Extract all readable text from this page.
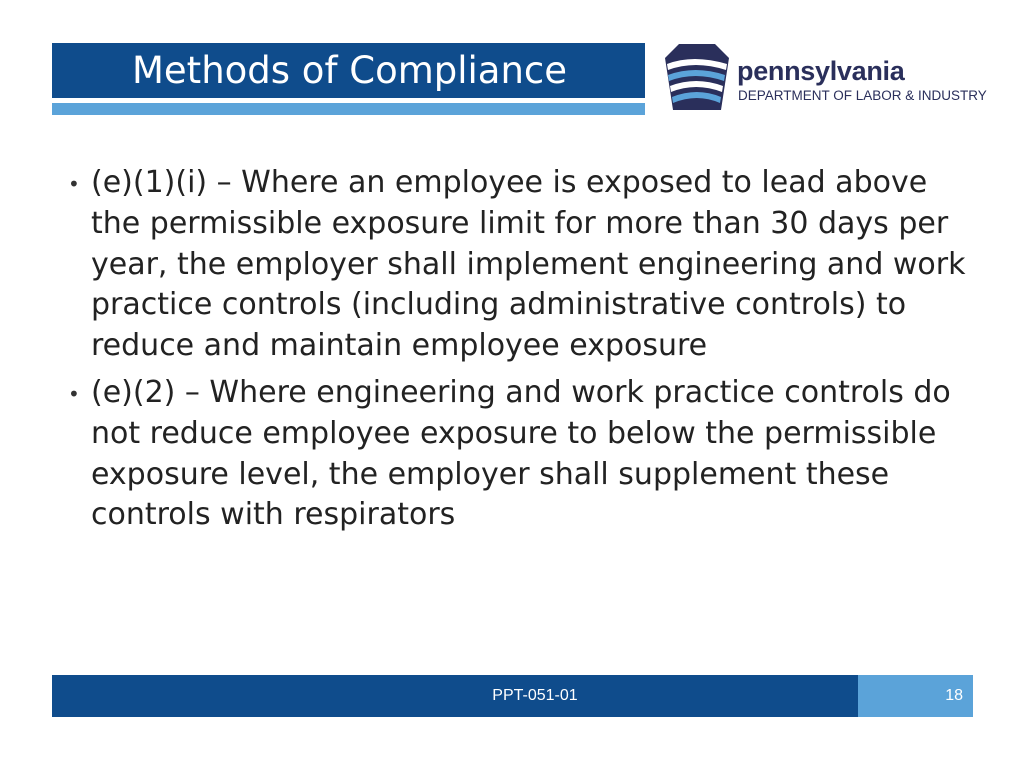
Methods of Compliance	pennsylvania
DEPARTMENT OF LABOR & INDUSTRY
• (e)(1)(i) – Where an employee is exposed to lead above the permissible exposure limit for more than 30 days per year, the employer shall implement engineering and work practice controls (including administrative controls) to reduce and maintain employee exposure
• (e)(2) – Where engineering and work practice controls do not reduce employee exposure to below the permissible exposure level, the employer shall supplement these controls with respirators
PPT-051-01	18
